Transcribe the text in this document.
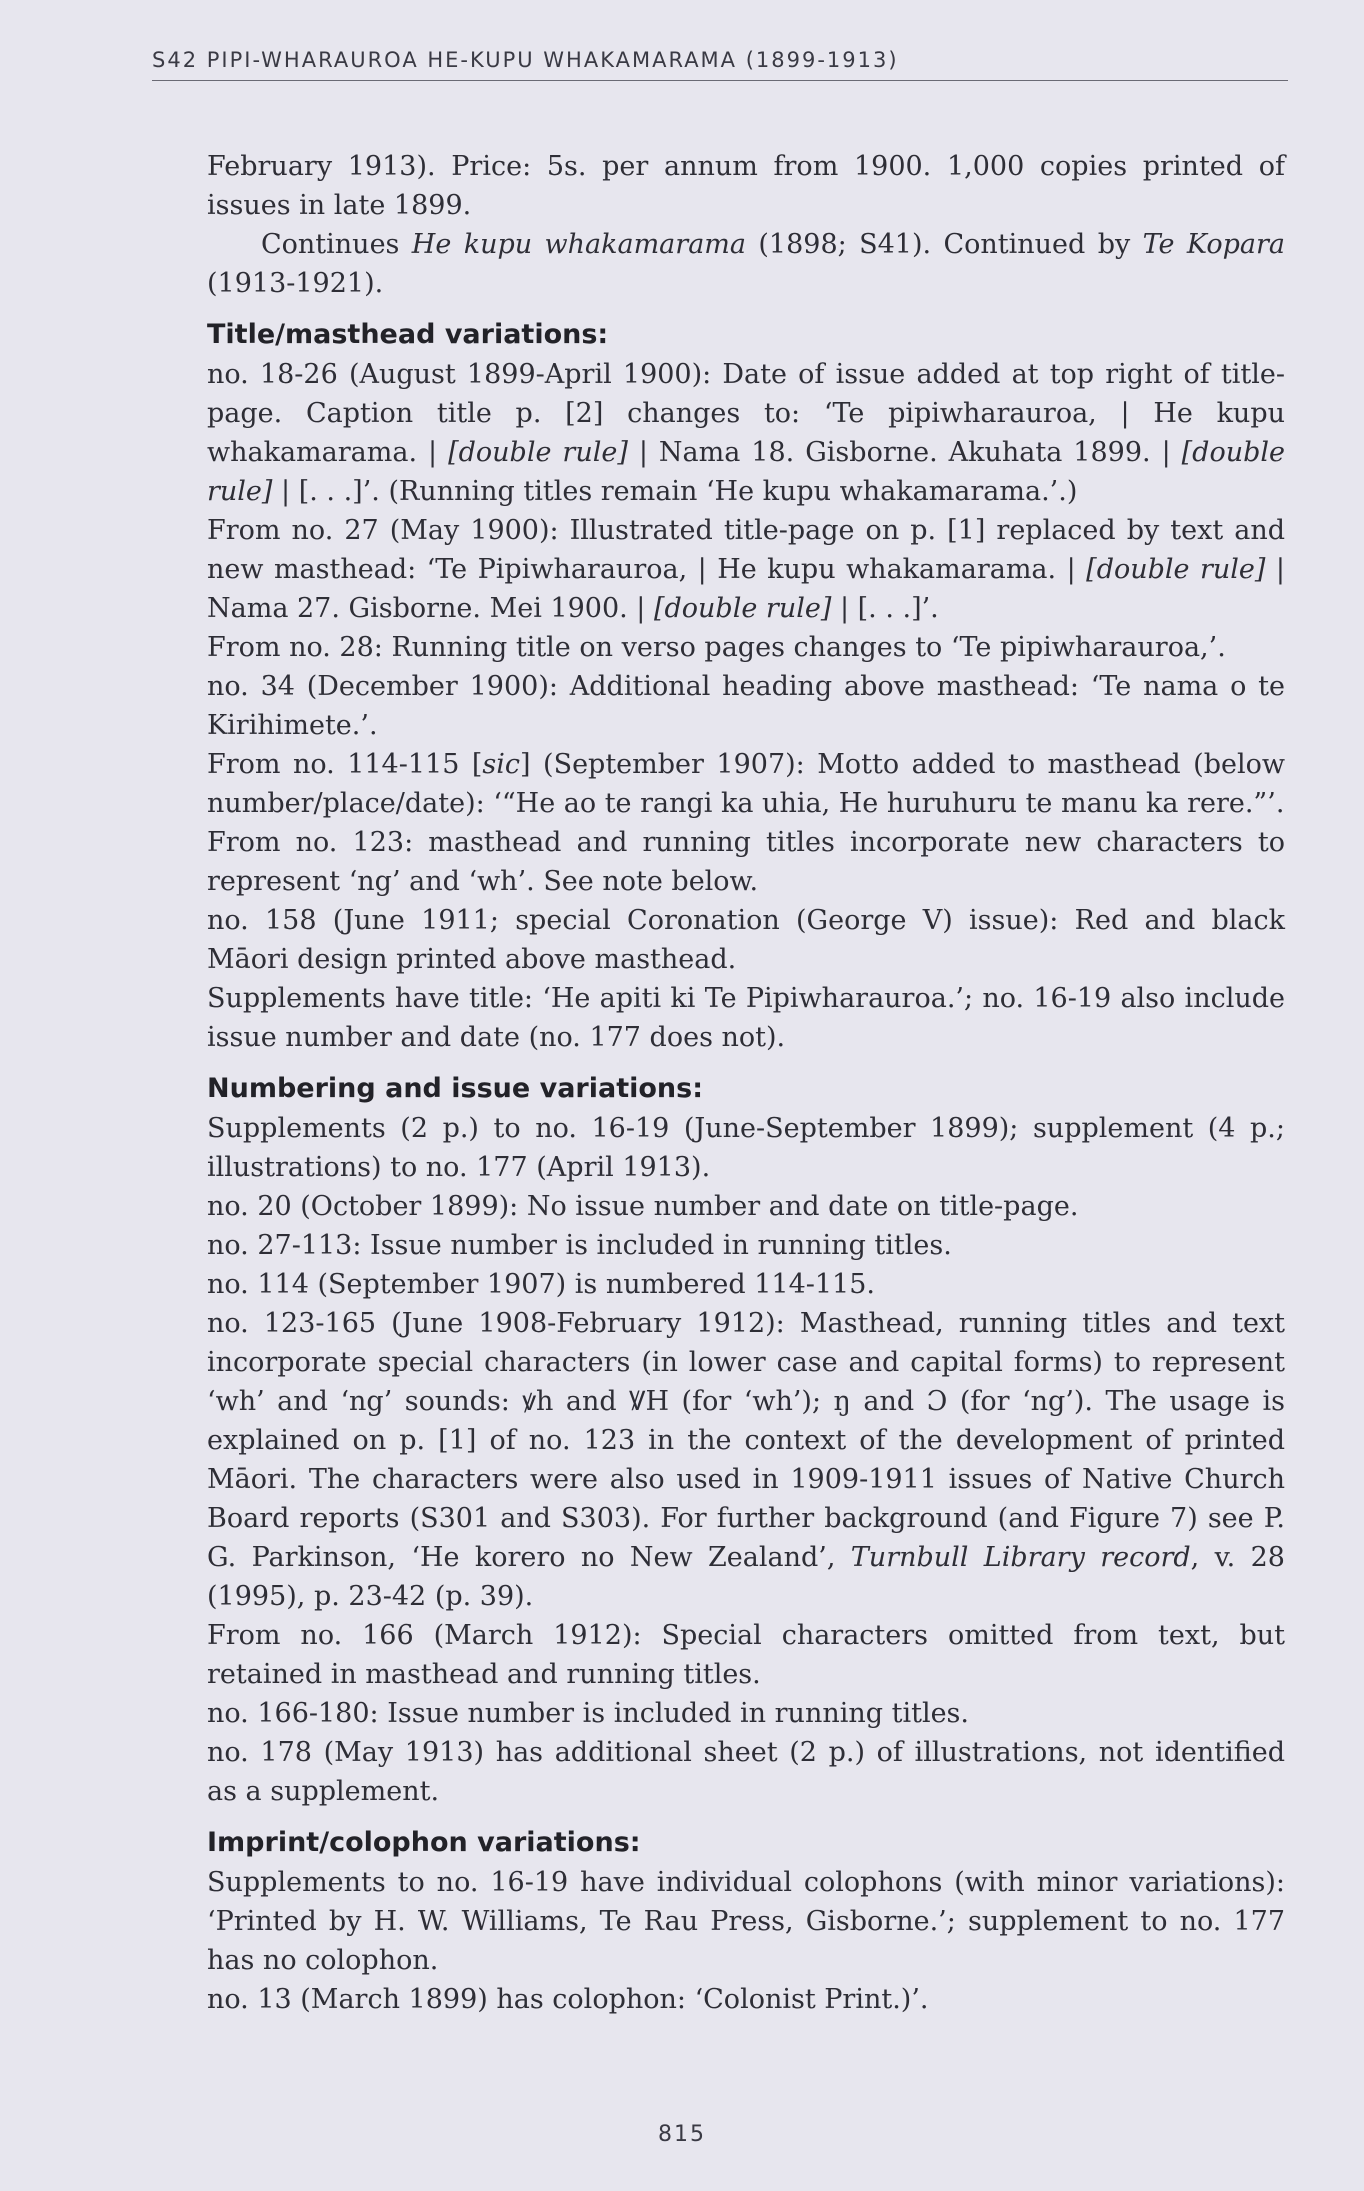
S42 PIPI-WHARAUROA HE-KUPU WHAKAMARAMA (1899-1913)

February 1913). Price: 5s. per annum from 1900. 1,000 copies printed of issues in late 1899.

Continues He kupu whakamarama (1898; S41). Continued by Te Kopara (1913-1921).

Title/masthead variations:

no. 18-26 (August 1899-April 1900): Date of issue added at top right of title-page. Caption title p. [2] changes to: ‘Te pipiwharauroa, | He kupu whakamarama. | [double rule] | Nama 18. Gisborne. Akuhata 1899. | [double rule] | [. . .]’. (Running titles remain ‘He kupu whakamarama.’.)

From no. 27 (May 1900): Illustrated title-page on p. [1] replaced by text and new masthead: ‘Te Pipiwharauroa, | He kupu whakamarama. | [double rule] | Nama 27. Gisborne. Mei 1900. | [double rule] | [. . .]’.

From no. 28: Running title on verso pages changes to ‘Te pipiwharauroa,’.

no. 34 (December 1900): Additional heading above masthead: ‘Te nama o te Kirihimete.’.

From no. 114-115 [sic] (September 1907): Motto added to masthead (below number/place/date): ‘“He ao te rangi ka uhia, He huruhuru te manu ka rere.”’.

From no. 123: masthead and running titles incorporate new characters to represent ‘ng’ and ‘wh’. See note below.

no. 158 (June 1911; special Coronation (George V) issue): Red and black Māori design printed above masthead.

Supplements have title: ‘He apiti ki Te Pipiwharauroa.’; no. 16-19 also include issue number and date (no. 177 does not).

Numbering and issue variations:

Supplements (2 p.) to no. 16-19 (June-September 1899); supplement (4 p.; illustrations) to no. 177 (April 1913).

no. 20 (October 1899): No issue number and date on title-page.

no. 27-113: Issue number is included in running titles.

no. 114 (September 1907) is numbered 114-115.

no. 123-165 (June 1908-February 1912): Masthead, running titles and text incorporate special characters (in lower case and capital forms) to represent ‘wh’ and ‘ng’ sounds: ꝟh and ꝞH (for ‘wh’); ŋ and Ɔ (for ‘ng’). The usage is explained on p. [1] of no. 123 in the context of the development of printed Māori. The characters were also used in 1909-1911 issues of Native Church Board reports (S301 and S303). For further background (and Figure 7) see P. G. Parkinson, ‘He korero no New Zealand’, Turnbull Library record, v. 28 (1995), p. 23-42 (p. 39).

From no. 166 (March 1912): Special characters omitted from text, but retained in masthead and running titles.

no. 166-180: Issue number is included in running titles.

no. 178 (May 1913) has additional sheet (2 p.) of illustrations, not identified as a supplement.

Imprint/colophon variations:

Supplements to no. 16-19 have individual colophons (with minor variations): ‘Printed by H. W. Williams, Te Rau Press, Gisborne.’; supplement to no. 177 has no colophon.

no. 13 (March 1899) has colophon: ‘Colonist Print.)’.

815
